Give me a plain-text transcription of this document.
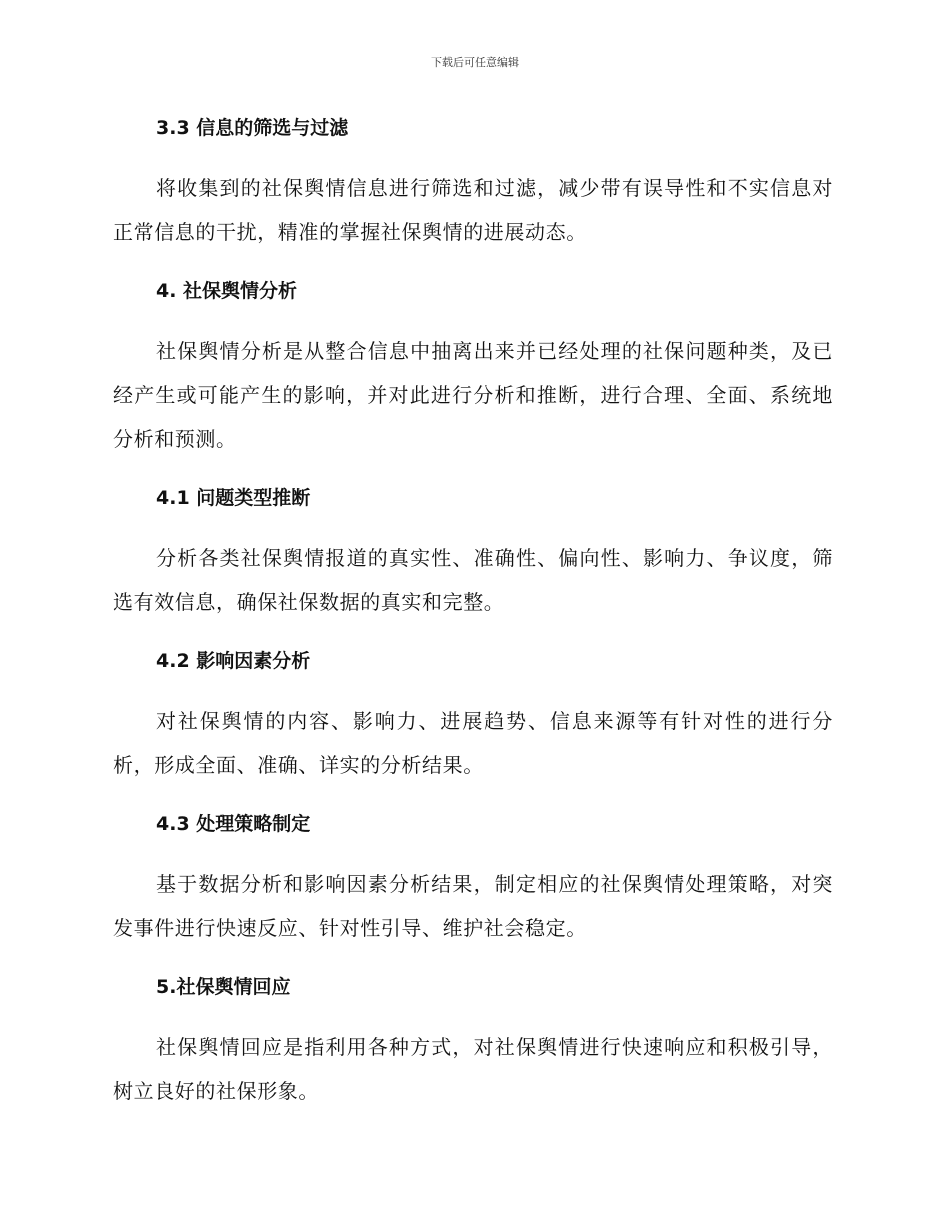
下载后可任意编辑
3.3 信息的筛选与过滤

将收集到的社保舆情信息进行筛选和过滤，减少带有误导性和不实信息对正常信息的干扰，精准的掌握社保舆情的进展动态。

4. 社保舆情分析

社保舆情分析是从整合信息中抽离出来并已经处理的社保问题种类，及已经产生或可能产生的影响，并对此进行分析和推断，进行合理、全面、系统地分析和预测。

4.1 问题类型推断

分析各类社保舆情报道的真实性、准确性、偏向性、影响力、争议度，筛选有效信息，确保社保数据的真实和完整。

4.2 影响因素分析

对社保舆情的内容、影响力、进展趋势、信息来源等有针对性的进行分析，形成全面、准确、详实的分析结果。

4.3 处理策略制定

基于数据分析和影响因素分析结果，制定相应的社保舆情处理策略，对突发事件进行快速反应、针对性引导、维护社会稳定。

5.社保舆情回应

社保舆情回应是指利用各种方式，对社保舆情进行快速响应和积极引导，树立良好的社保形象。
